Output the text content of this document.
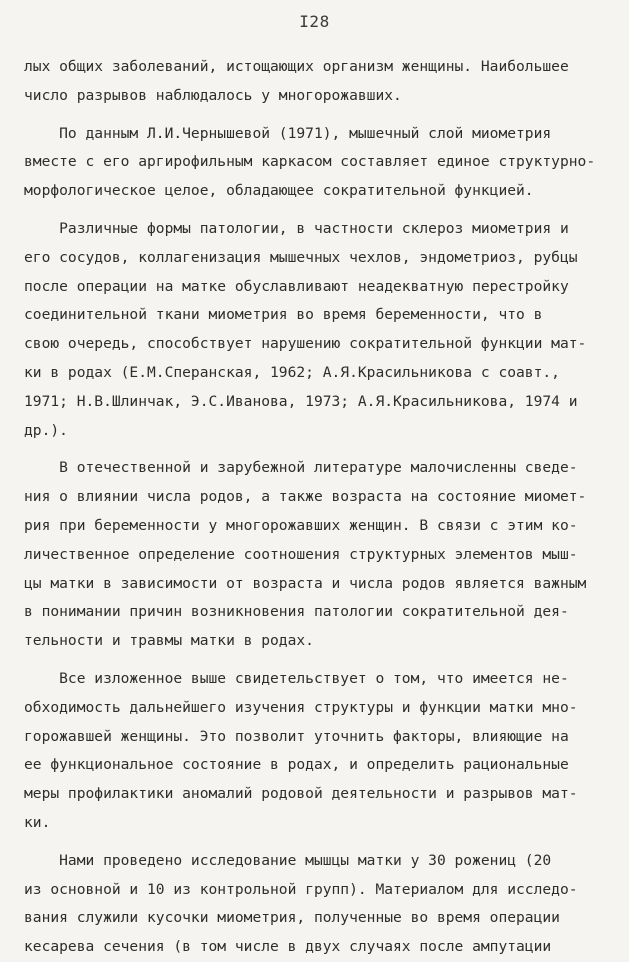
I28
лых общих заболеваний, истощающих организм женщины. Наибольшее
число разрывов наблюдалось у многорожавших.
По данным Л.И.Чернышевой (1971), мышечный слой миометрия
вместе с его аргирофильным каркасом составляет единое структурно-
морфологическое целое, обладающее сократительной функцией.
Различные формы патологии, в частности склероз миометрия и
его сосудов, коллагенизация мышечных чехлов, эндометриоз, рубцы
после операции на матке обуславливают неадекватную перестройку
соединительной ткани миометрия во время беременности, что в
свою очередь, способствует нарушению сократительной функции мат-
ки в родах (Е.М.Сперанская, 1962; А.Я.Красильникова с соавт.,
1971; Н.В.Шлинчак, Э.С.Иванова, 1973; А.Я.Красильникова, 1974 и
др.).
В отечественной и зарубежной литературе малочисленны сведе-
ния о влиянии числа родов, а также возраста на состояние миомет-
рия при беременности у многорожавших женщин. В связи с этим ко-
личественное определение соотношения структурных элементов мыш-
цы матки в зависимости от возраста и числа родов является важным
в понимании причин возникновения патологии сократительной дея-
тельности и травмы матки в родах.
Все изложенное выше свидетельствует о том, что имеется не-
обходимость дальнейшего изучения структуры и функции матки мно-
горожавшей женщины. Это позволит уточнить факторы, влияющие на
ее функциональное состояние в родах, и определить рациональные
меры профилактики аномалий родовой деятельности и разрывов мат-
ки.
Нами проведено исследование мышцы матки у 30 рожениц (20
из основной и 10 из контрольной групп). Материалом для исследо-
вания служили кусочки миометрия, полученные во время операции
кесарева сечения (в том числе в двух случаях после ампутации
